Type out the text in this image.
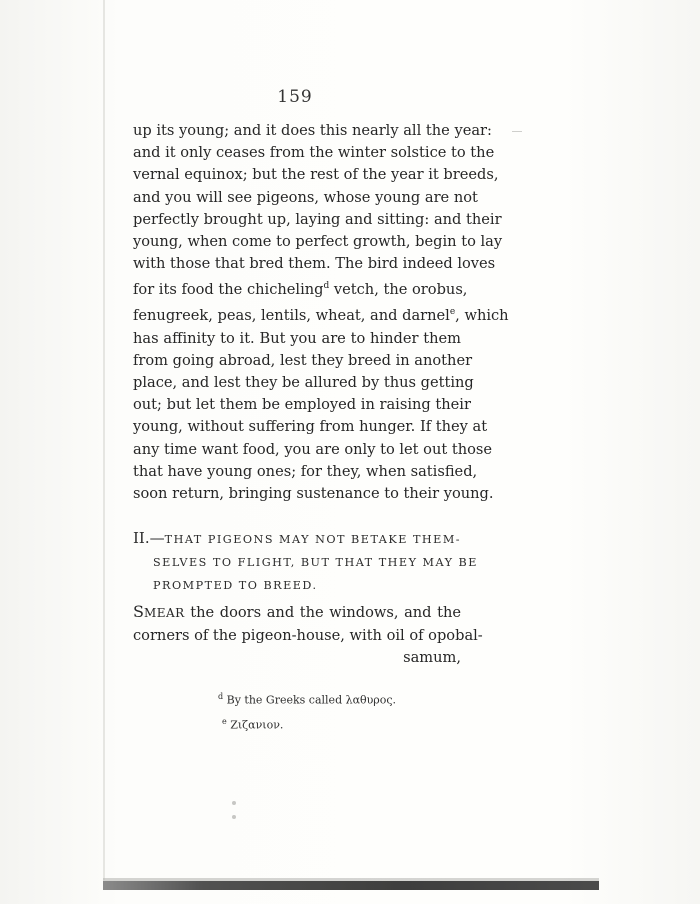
159
up its young; and it does this nearly all the year:
and it only ceases from the winter solstice to the
vernal equinox; but the rest of the year it breeds,
and you will see pigeons, whose young are not
perfectly brought up, laying and sitting: and their
young, when come to perfect growth, begin to lay
with those that bred them. The bird indeed loves
for its food the chicheling$^d$ vetch, the orobus,
fenugreek, peas, lentils, wheat, and darnel$^e$, which
has affinity to it. But you are to hinder them
from going abroad, lest they breed in another
place, and lest they be allured by thus getting
out; but let them be employed in raising their
young, without suffering from hunger. If they at
any time want food, you are only to let out those
that have young ones; for they, when satisfied,
soon return, bringing sustenance to their young.
II.—THAT PIGEONS MAY NOT BETAKE THEM-
SELVES TO FLIGHT, BUT THAT THEY MAY BE
PROMPTED TO BREED.
SMEAR the doors and the windows, and the
corners of the pigeon-house, with oil of opobal-
samum,
$^d$ By the Greeks called λαθυρος.
$^e$ Ζιζανιον.
